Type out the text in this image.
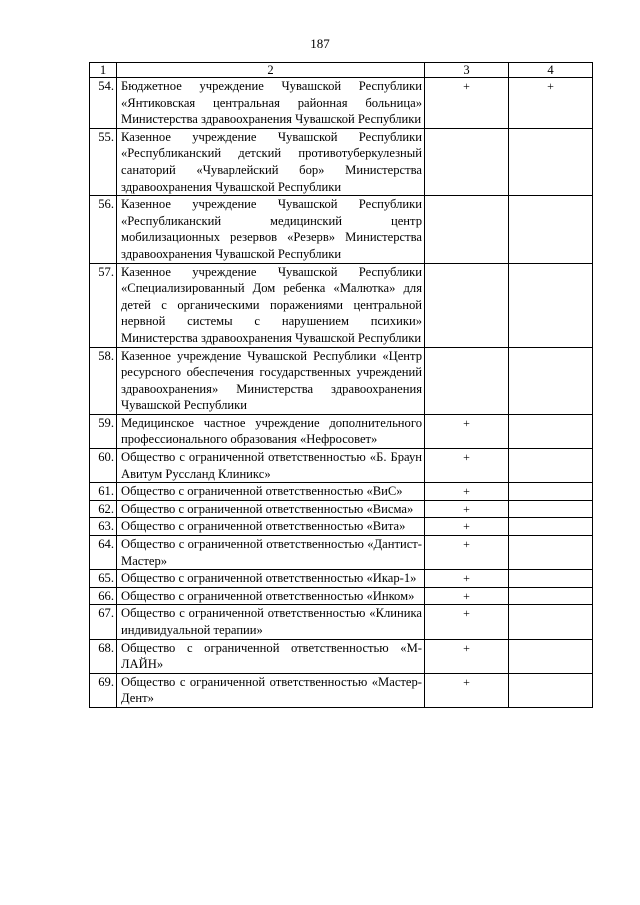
187
1	2	3	4
54.	Бюджетное учреждение Чувашской Республики «Янтиковская центральная районная больница» Министерства здравоохранения Чувашской Республики	+	+
55.	Казенное учреждение Чувашской Республики «Республиканский детский противотуберкулезный санаторий «Чуварлейский бор» Министерства здравоохранения Чувашской Республики		
56.	Казенное учреждение Чувашской Республики «Республиканский медицинский центр мобилизационных резервов «Резерв» Министерства здравоохранения Чувашской Республики		
57.	Казенное учреждение Чувашской Республики «Специализированный Дом ребенка «Малютка» для детей с органическими поражениями центральной нервной системы с нарушением психики» Министерства здравоохранения Чувашской Республики		
58.	Казенное учреждение Чувашской Республики «Центр ресурсного обеспечения государственных учреждений здравоохранения» Министерства здравоохранения Чувашской Республики		
59.	Медицинское частное учреждение дополнительного профессионального образования «Нефросовет»	+	
60.	Общество с ограниченной ответственностью «Б. Браун Авитум Руссланд Клиникс»	+	
61.	Общество с ограниченной ответственностью «ВиС»	+	
62.	Общество с ограниченной ответственностью «Висма»	+	
63.	Общество с ограниченной ответственностью «Вита»	+	
64.	Общество с ограниченной ответственностью «Дантист-Мастер»	+	
65.	Общество с ограниченной ответственностью «Икар-1»	+	
66.	Общество с ограниченной ответственностью «Инком»	+	
67.	Общество с ограниченной ответственностью «Клиника индивидуальной терапии»	+	
68.	Общество с ограниченной ответственностью «М-ЛАЙН»	+	
69.	Общество с ограниченной ответственностью «Мастер-Дент»	+	
